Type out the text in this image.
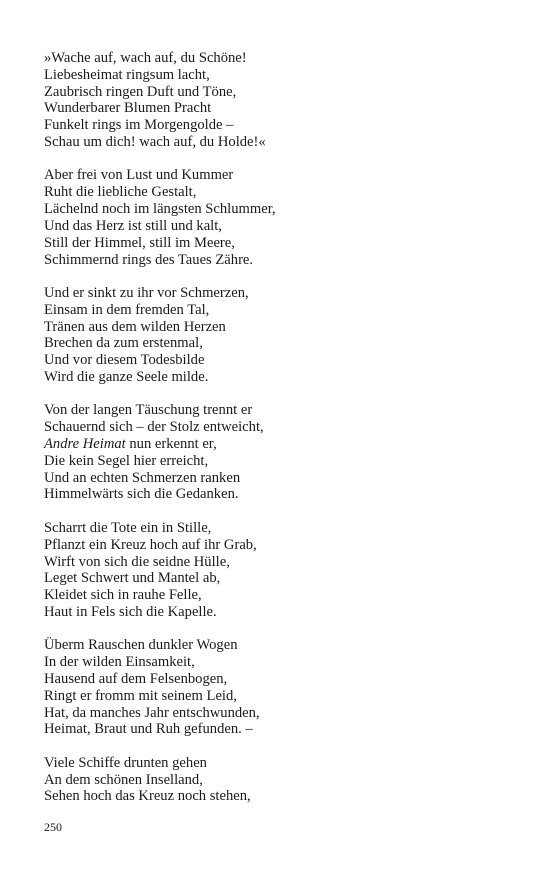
»Wache auf, wach auf, du Schöne!
Liebesheimat ringsum lacht,
Zaubrisch ringen Duft und Töne,
Wunderbarer Blumen Pracht
Funkelt rings im Morgengolde –
Schau um dich! wach auf, du Holde!«
Aber frei von Lust und Kummer
Ruht die liebliche Gestalt,
Lächelnd noch im längsten Schlummer,
Und das Herz ist still und kalt,
Still der Himmel, still im Meere,
Schimmernd rings des Taues Zähre.
Und er sinkt zu ihr vor Schmerzen,
Einsam in dem fremden Tal,
Tränen aus dem wilden Herzen
Brechen da zum erstenmal,
Und vor diesem Todesbilde
Wird die ganze Seele milde.
Von der langen Täuschung trennt er
Schauernd sich – der Stolz entweicht,
Andre Heimat nun erkennt er,
Die kein Segel hier erreicht,
Und an echten Schmerzen ranken
Himmelwärts sich die Gedanken.
Scharrt die Tote ein in Stille,
Pflanzt ein Kreuz hoch auf ihr Grab,
Wirft von sich die seidne Hülle,
Leget Schwert und Mantel ab,
Kleidet sich in rauhe Felle,
Haut in Fels sich die Kapelle.
Überm Rauschen dunkler Wogen
In der wilden Einsamkeit,
Hausend auf dem Felsenbogen,
Ringt er fromm mit seinem Leid,
Hat, da manches Jahr entschwunden,
Heimat, Braut und Ruh gefunden. –
Viele Schiffe drunten gehen
An dem schönen Inselland,
Sehen hoch das Kreuz noch stehen,
250
